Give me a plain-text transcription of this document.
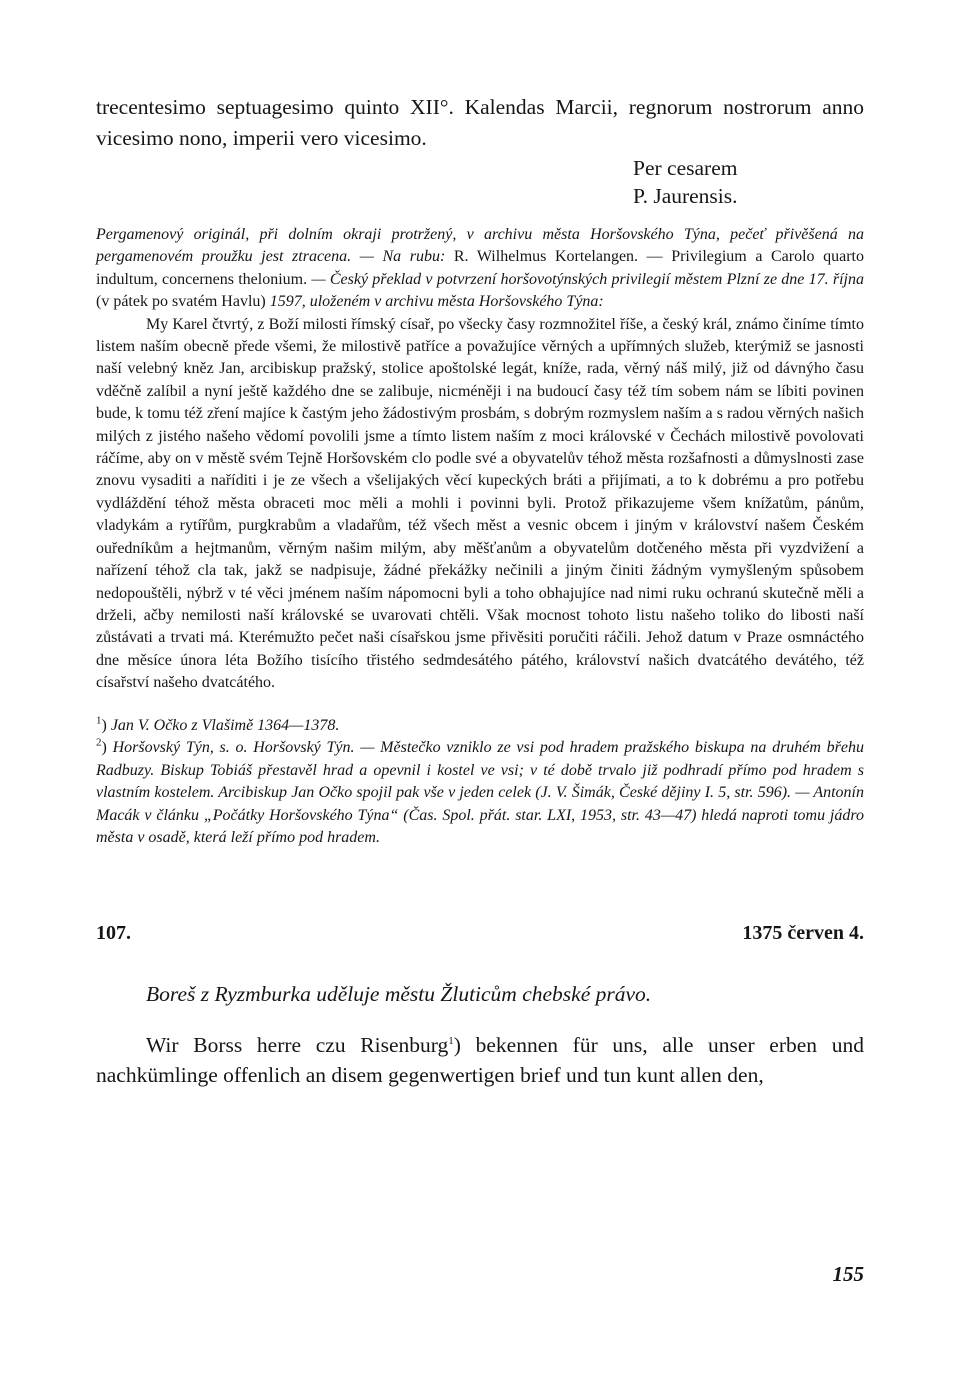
trecentesimo septuagesimo quinto XII°. Kalendas Marcii, regnorum nostrorum anno vicesimo nono, imperii vero vicesimo.

Per cesarem
P. Jaurensis.

Pergamenový originál, při dolním okraji protržený, v archivu města Horšovského Týna, pečeť přivěšená na pergamenovém proužku jest ztracena. — Na rubu: R. Wilhelmus Kortelangen. — Privilegium a Carolo quarto indultum, concernens thelonium. — Český překlad v potvrzení horšovotýnských privilegií městem Plzní ze dne 17. října (v pátek po svatém Havlu) 1597, uloženém v archivu města Horšovského Týna:

My Karel čtvrtý, z Boží milosti římský císař, po všecky časy rozmnožitel říše, a český král, známo činíme tímto listem naším obecně přede všemi, že milostivě patříce a považujíce věrných a upřímných služeb, kterýmiž se jasnosti naší velebný kněz Jan, arcibiskup pražský, stolice apoštolské legát, kníže, rada, věrný náš milý, již od dávnýho času vděčně zalíbil a nyní ještě každého dne se zalibuje, nicméněji i na budoucí časy též tím sobem nám se líbiti povinen bude, k tomu též zření majíce k častým jeho žádostivým prosbám, s dobrým rozmyslem naším a s radou věrných našich milých z jistého našeho vědomí povolili jsme a tímto listem naším z moci královské v Čechách milostivě povolovati ráčíme, aby on v městě svém Tejně Horšovském clo podle své a obyvatelův téhož města rozšafnosti a důmyslnosti zase znovu vysaditi a naříditi i je ze všech a všelijakých věcí kupeckých bráti a přijímati, a to k dobrému a pro potřebu vydláždění téhož města obraceti moc měli a mohli i povinni byli. Protož přikazujeme všem knížatům, pánům, vladykám a rytířům, purgkrabům a vladařům, též všech měst a vesnic obcem i jiným v království našem Českém ouředníkům a hejtmanům, věrným našim milým, aby měšťanům a obyvatelům dotčeného města při vyzdvižení a nařízení téhož cla tak, jakž se nadpisuje, žádné překážky nečinili a jiným činiti žádným vymyšleným spůsobem nedopouštěli, nýbrž v té věci jménem naším nápomocni byli a toho obhajujíce nad nimi ruku ochranú skutečně měli a drželi, ačby nemilosti naší královské se uvarovati chtěli. Však mocnost tohoto listu našeho toliko do libosti naší zůstávati a trvati má. Kterémužto pečet naši císařskou jsme přivěsiti poručiti ráčili. Jehož datum v Praze osmnáctého dne měsíce února léta Božího tisícího třistého sedmdesátého pátého, království našich dvatcátého devátého, též císařství našeho dvatcátého.

$^1$) Jan V. Očko z Vlašimě 1364—1378.
$^2$) Horšovský Týn, s. o. Horšovský Týn. — Městečko vzniklo ze vsi pod hradem pražského biskupa na druhém břehu Radbuzy. Biskup Tobiáš přestavěl hrad a opevnil i kostel ve vsi; v té době trvalo již podhradí přímo pod hradem s vlastním kostelem. Arcibiskup Jan Očko spojil pak vše v jeden celek (J. V. Šimák, České dějiny I. 5, str. 596). — Antonín Macák v článku „Počátky Horšovského Týna“ (Čas. Spol. přát. star. LXI, 1953, str. 43—47) hledá naproti tomu jádro města v osadě, která leží přímo pod hradem.
107.	1375 červen 4.

Boreš z Ryzmburka uděluje městu Žluticům chebské právo.

Wir Borss herre czu Risenburg$^1$) bekennen für uns, alle unser erben und nachkümlinge offenlich an disem gegenwertigen brief und tun kunt allen den,

155
